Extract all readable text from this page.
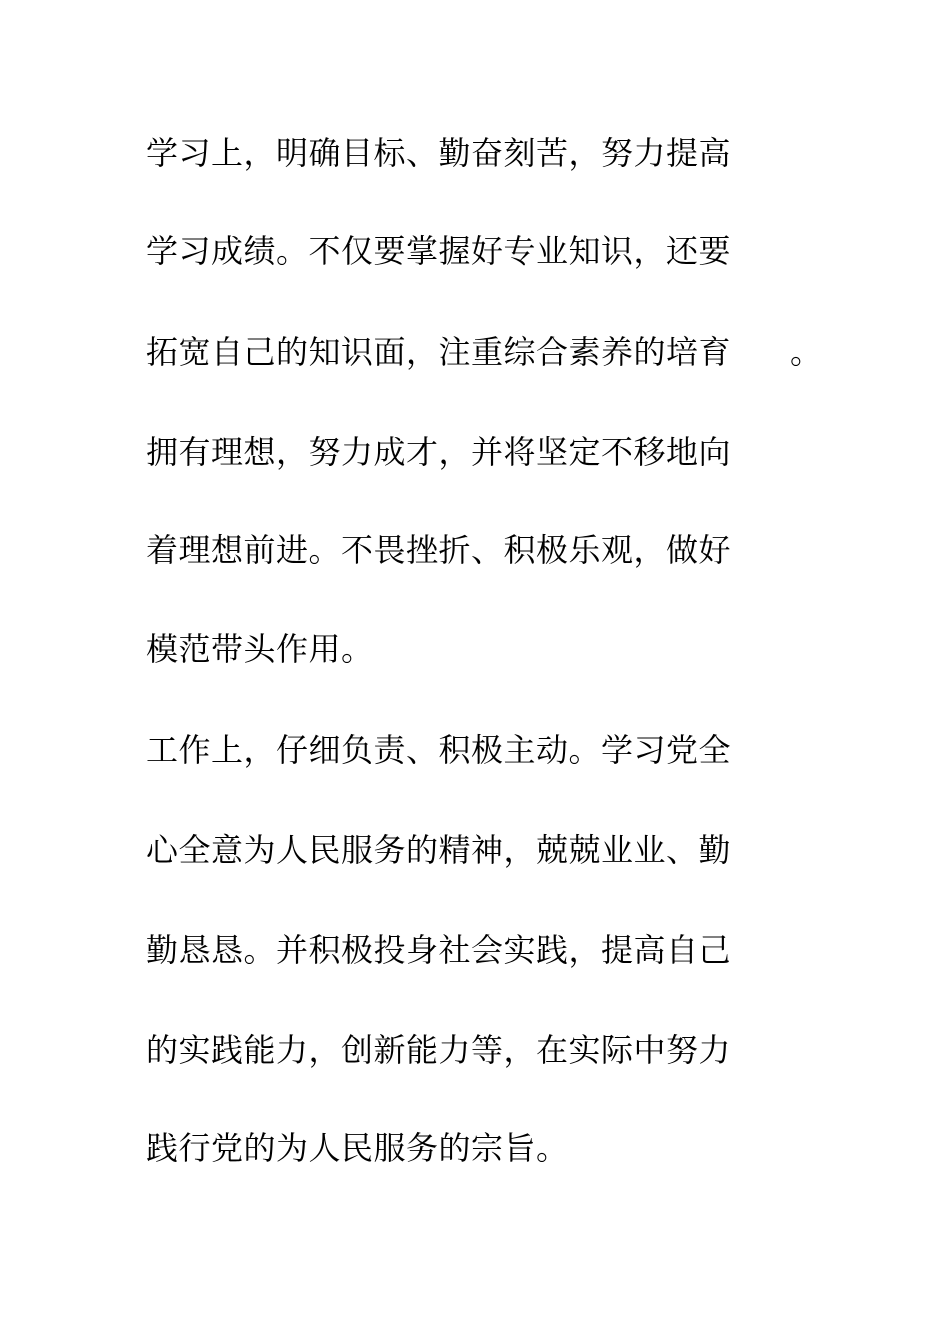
学习上，明确目标、勤奋刻苦，努力提高
学习成绩。不仅要掌握好专业知识，还要
拓宽自己的知识面，注重综合素养的培育 。
拥有理想，努力成才，并将坚定不移地向
着理想前进。不畏挫折、积极乐观，做好
模范带头作用。
工作上，仔细负责、积极主动。学习党全
心全意为人民服务的精神，兢兢业业、勤
勤恳恳。并积极投身社会实践，提高自己
的实践能力，创新能力等，在实际中努力
践行党的为人民服务的宗旨。
